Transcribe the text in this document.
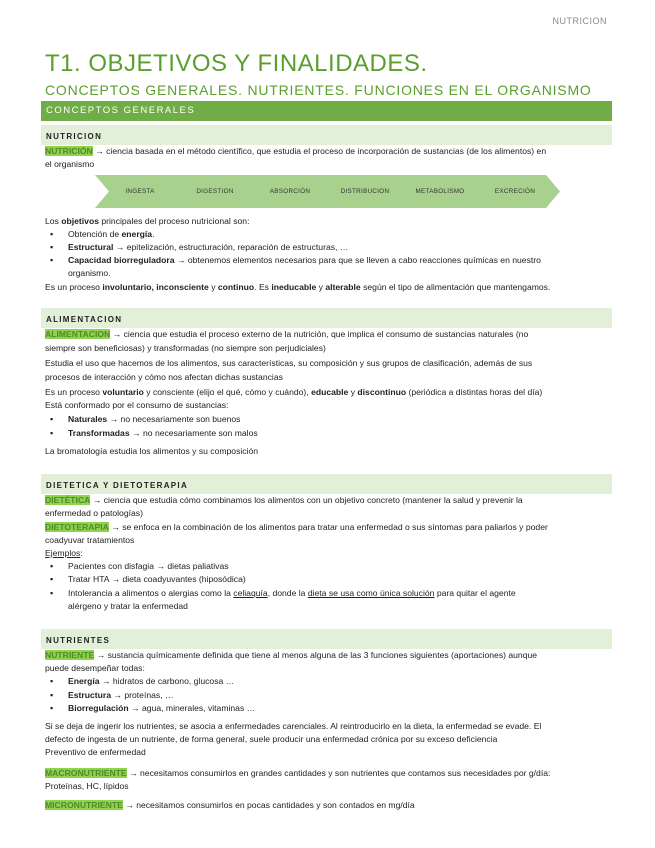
NUTRICION
T1. OBJETIVOS Y FINALIDADES.
CONCEPTOS GENERALES. NUTRIENTES. FUNCIONES EN EL ORGANISMO
CONCEPTOS GENERALES
NUTRICION
NUTRICIÓN → ciencia basada en el método científico, que estudia el proceso de incorporación de sustancias (de los alimentos) en
el organismo
INGESTA	DIGESTION	ABSORCIÓN	DISTRIBUCION	METABOLISMO	EXCRECIÓN
Los objetivos principales del proceso nutricional son:
▪ Obtención de energía.
▪ Estructural → epitelización, estructuración, reparación de estructuras, …
▪ Capacidad biorreguladora → obtenemos elementos necesarios para que se lleven a cabo reacciones químicas en nuestro
organismo.
Es un proceso involuntario, inconsciente y continuo. Es ineducable y alterable según el tipo de alimentación que mantengamos.
ALIMENTACION
ALIMENTACION → ciencia que estudia el proceso externo de la nutrición, que implica el consumo de sustancias naturales (no
siempre son beneficiosas) y transformadas (no siempre son perjudiciales)
Estudia el uso que hacemos de los alimentos, sus características, su composición y sus grupos de clasificación, además de sus
procesos de interacción y cómo nos afectan dichas sustancias
Es un proceso voluntario y consciente (elijo el qué, cómo y cuándo), educable y discontinuo (periódica a distintas horas del día)
Está conformado por el consumo de sustancias:
▪ Naturales → no necesariamente son buenos
▪ Transformadas → no necesariamente son malos
La bromatología estudia los alimentos y su composición
DIETETICA Y DIETOTERAPIA
DIETÉTICA → ciencia que estudia cómo combinamos los alimentos con un objetivo concreto (mantener la salud y prevenir la
enfermedad o patologías)
DIETOTERAPIA → se enfoca en la combinación de los alimentos para tratar una enfermedad o sus síntomas para paliarlos y poder
coadyuvar tratamientos
Ejemplos:
▪ Pacientes con disfagia → dietas paliativas
▪ Tratar HTA → dieta coadyuvantes (hiposódica)
▪ Intolerancia a alimentos o alergias como la celiaquía, donde la dieta se usa como única solución para quitar el agente
alérgeno y tratar la enfermedad
NUTRIENTES
NUTRIENTE → sustancia químicamente definida que tiene al menos alguna de las 3 funciones siguientes (aportaciones) aunque
puede desempeñar todas:
▪ Energía → hidratos de carbono, glucosa …
▪ Estructura → proteínas, …
▪ Biorregulación → agua, minerales, vitaminas …
Si se deja de ingerir los nutrientes, se asocia a enfermedades carenciales. Al reintroducirlo en la dieta, la enfermedad se evade. El
defecto de ingesta de un nutriente, de forma general, suele producir una enfermedad crónica por su exceso deficiencia
Preventivo de enfermedad
MACRONUTRIENTE → necesitamos consumirlos en grandes cantidades y son nutrientes que contamos sus necesidades por g/día:
Proteínas, HC, lípidos
MICRONUTRIENTE → necesitamos consumirlos en pocas cantidades y son contados en mg/día
